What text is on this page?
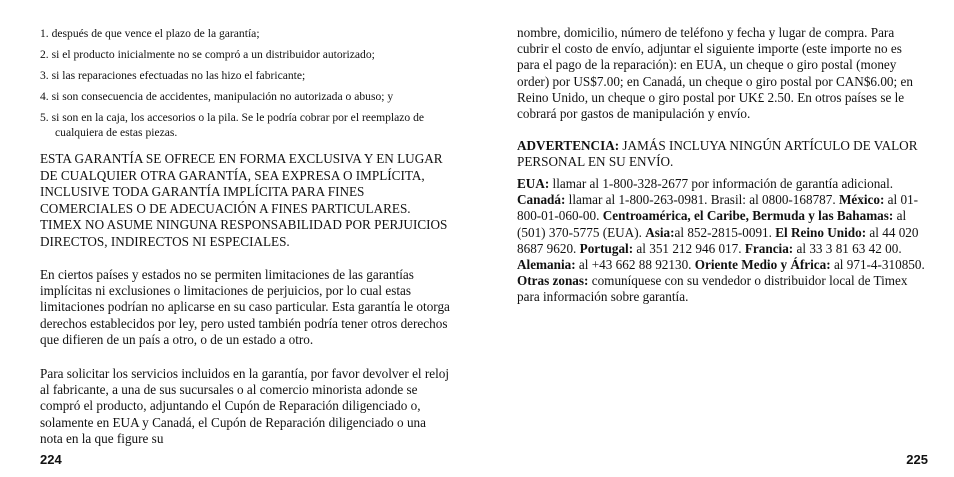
1. después de que vence el plazo de la garantía;
2. si el producto inicialmente no se compró a un distribuidor autorizado;
3. si las reparaciones efectuadas no las hizo el fabricante;
4. si son consecuencia de accidentes, manipulación no autorizada o abuso; y
5. si son en la caja, los accesorios o la pila. Se le podría cobrar por el reemplazo de cualquiera de estas piezas.

ESTA GARANTÍA SE OFRECE EN FORMA EXCLUSIVA Y EN LUGAR DE CUALQUIER OTRA GARANTÍA, SEA EXPRESA O IMPLÍCITA, INCLUSIVE TODA GARANTÍA IMPLÍCITA PARA FINES COMERCIALES O DE ADECUACIÓN A FINES PARTICULARES. TIMEX NO ASUME NINGUNA RESPONSABILIDAD POR PERJUICIOS DIRECTOS, INDIRECTOS NI ESPECIALES.

En ciertos países y estados no se permiten limitaciones de las garantías implícitas ni exclusiones o limitaciones de perjuicios, por lo cual estas limitaciones podrían no aplicarse en su caso particular. Esta garantía le otorga derechos establecidos por ley, pero usted también podría tener otros derechos que difieren de un país a otro, o de un estado a otro.

Para solicitar los servicios incluidos en la garantía, por favor devolver el reloj al fabricante, a una de sus sucursales o al comercio minorista adonde se compró el producto, adjuntando el Cupón de Reparación diligenciado o, solamente en EUA y Canadá, el Cupón de Reparación diligenciado o una nota en la que figure su

224

nombre, domicilio, número de teléfono y fecha y lugar de compra. Para cubrir el costo de envío, adjuntar el siguiente importe (este importe no es para el pago de la reparación): en EUA, un cheque o giro postal (money order) por US$7.00; en Canadá, un cheque o giro postal por CAN$6.00; en Reino Unido, un cheque o giro postal por UK£ 2.50. En otros países se le cobrará por gastos de manipulación y envío.

ADVERTENCIA: JAMÁS INCLUYA NINGÚN ARTÍCULO DE VALOR PERSONAL EN SU ENVÍO.

EUA: llamar al 1-800-328-2677 por información de garantía adicional. Canadá: llamar al 1-800-263-0981. Brasil: al 0800-168787. México: al 01-800-01-060-00. Centroamérica, el Caribe, Bermuda y las Bahamas: al (501) 370-5775 (EUA). Asia:al 852-2815-0091. El Reino Unido: al 44 020 8687 9620. Portugal: al 351 212 946 017. Francia: al 33 3 81 63 42 00. Alemania: al +43 662 88 92130. Oriente Medio y África: al 971-4-310850. Otras zonas: comuníquese con su vendedor o distribuidor local de Timex para información sobre garantía.

225
